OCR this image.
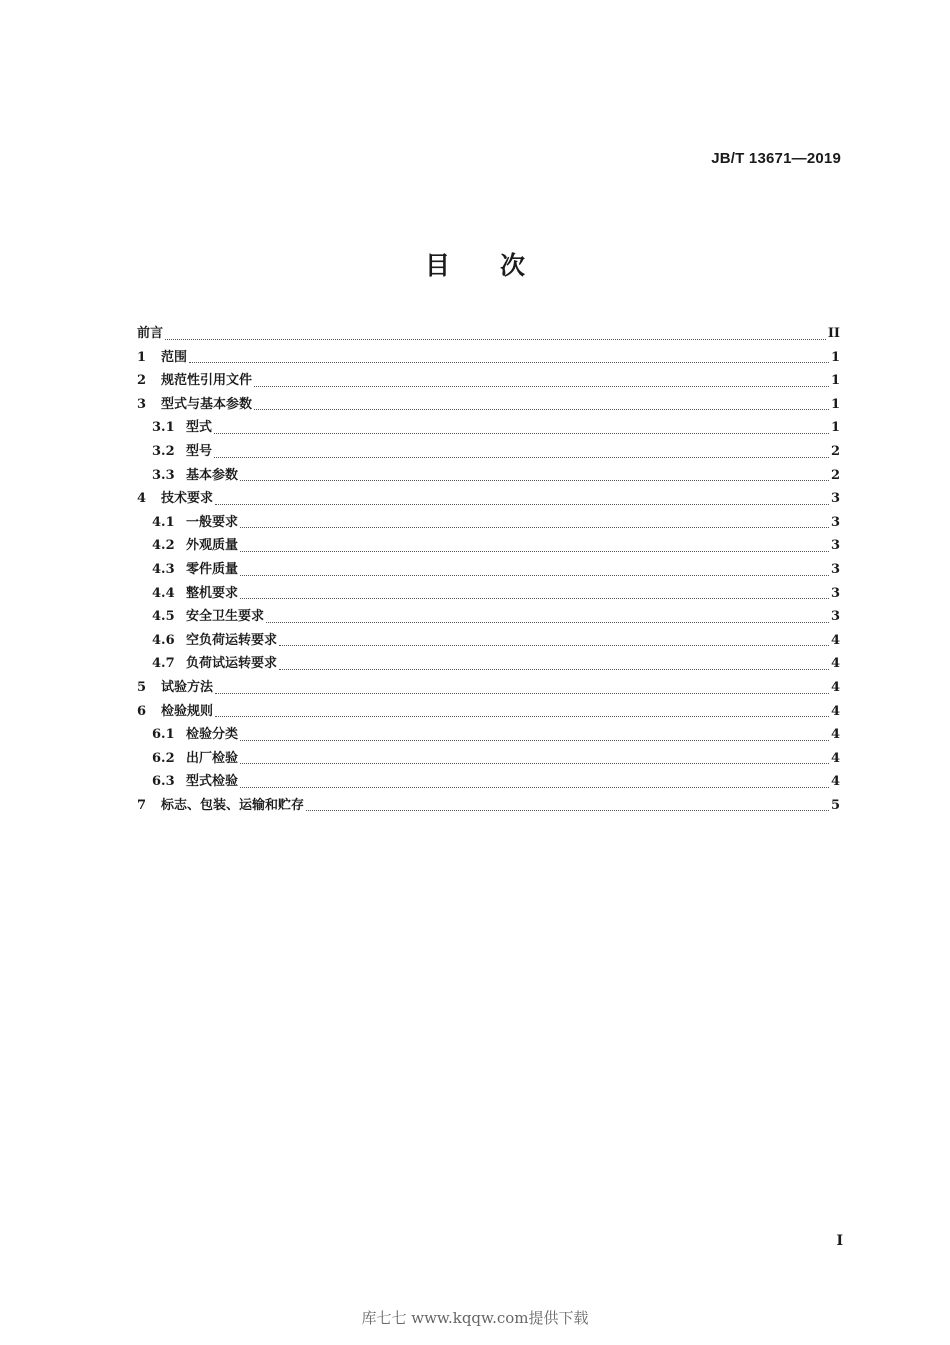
JB/T 13671—2019
目次
前言	II
1	范围	1
2	规范性引用文件	1
3	型式与基本参数	1
3.1 型式	1
3.2 型号	2
3.3 基本参数	2
4	技术要求	3
4.1 一般要求	3
4.2 外观质量	3
4.3 零件质量	3
4.4 整机要求	3
4.5 安全卫生要求	3
4.6 空负荷运转要求	4
4.7 负荷试运转要求	4
5	试验方法	4
6	检验规则	4
6.1 检验分类	4
6.2 出厂检验	4
6.3 型式检验	4
7	标志、包装、运输和贮存	5
I
库七七 www.kqqw.com提供下载
